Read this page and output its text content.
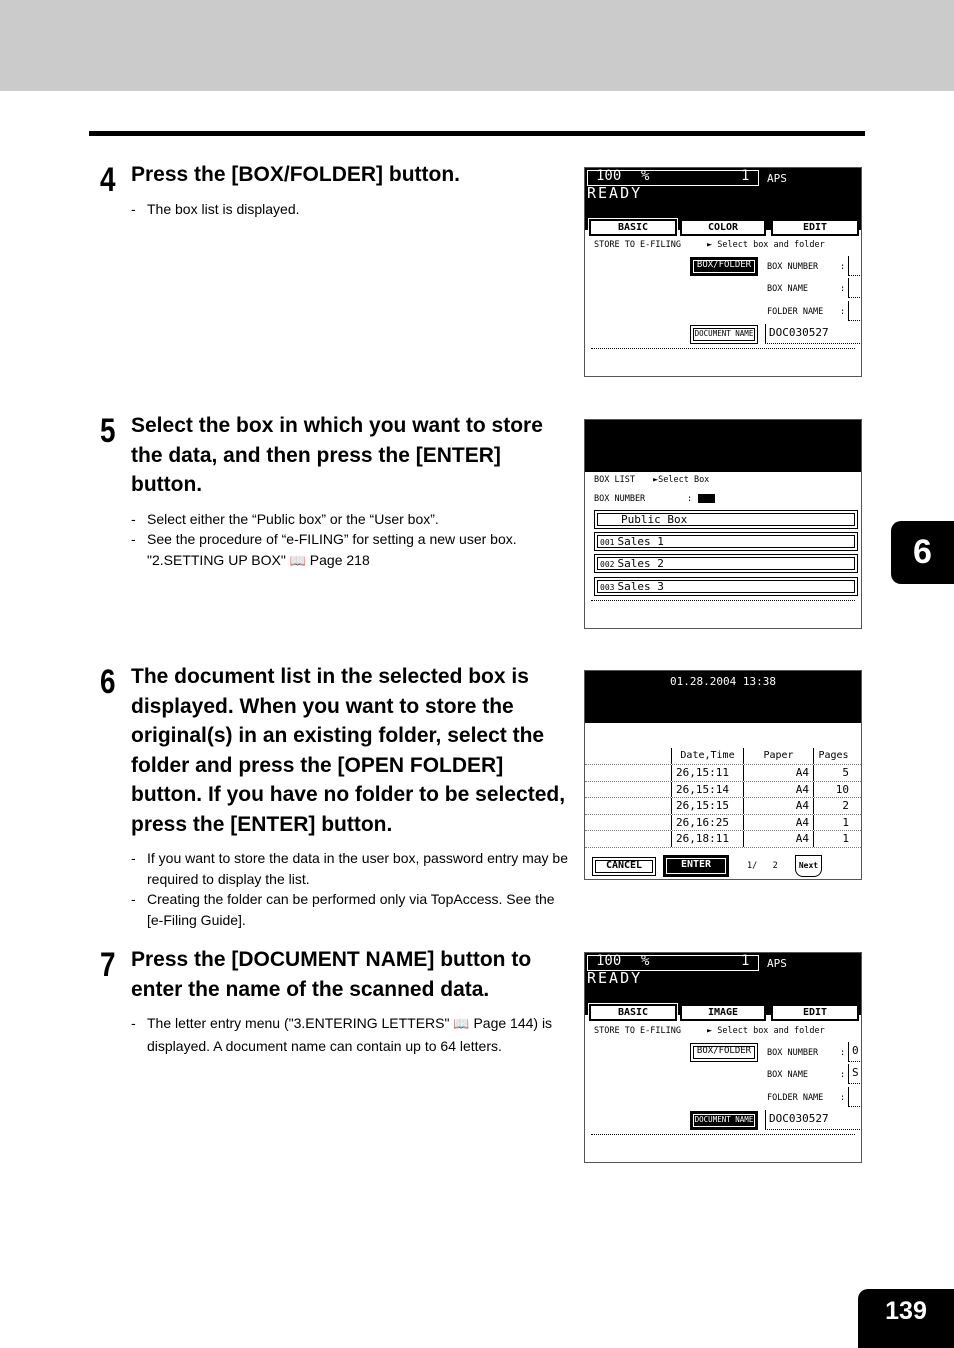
4 Press the [BOX/FOLDER] button.
- The box list is displayed.
5 Select the box in which you want to store the data, and then press the [ENTER] button.
- Select either the “Public box” or the “User box”.
- See the procedure of “e-FILING” for setting a new user box.
"2.SETTING UP BOX" 📖 Page 218
6 The document list in the selected box is displayed. When you want to store the original(s) in an existing folder, select the folder and press the [OPEN FOLDER] button. If you have no folder to be selected, press the [ENTER] button.
- If you want to store the data in the user box, password entry may be required to display the list.
- Creating the folder can be performed only via TopAccess. See the [e-Filing Guide].
7 Press the [DOCUMENT NAME] button to enter the name of the scanned data.
- The letter entry menu ("3.ENTERING LETTERS" 📖 Page 144) is displayed. A document name can contain up to 64 letters.
100 %	1 APS
READY
BASIC	COLOR	EDIT
STORE TO E-FILING	► Select box and folder
BOX/FOLDER	BOX NUMBER	:
BOX NAME	:
FOLDER NAME :
DOCUMENT NAME	DOC030527
BOX LIST ►Select Box
BOX NUMBER	:
Public Box
001 Sales 1
002 Sales 2
003 Sales 3
01.28.2004 13:38
Date,Time	Paper	Pages
26,15:11	A4	5
26,15:14	A4	10
26,15:15	A4	2
26,16:25	A4	1
26,18:11	A4	1
CANCEL	ENTER	1/ 2	Next
100 %	1 APS
READY
BASIC	IMAGE	EDIT
STORE TO E-FILING	► Select box and folder
BOX/FOLDER	BOX NUMBER	: 0
BOX NAME	: S
FOLDER NAME :
DOCUMENT NAME	DOC030527
6
139
